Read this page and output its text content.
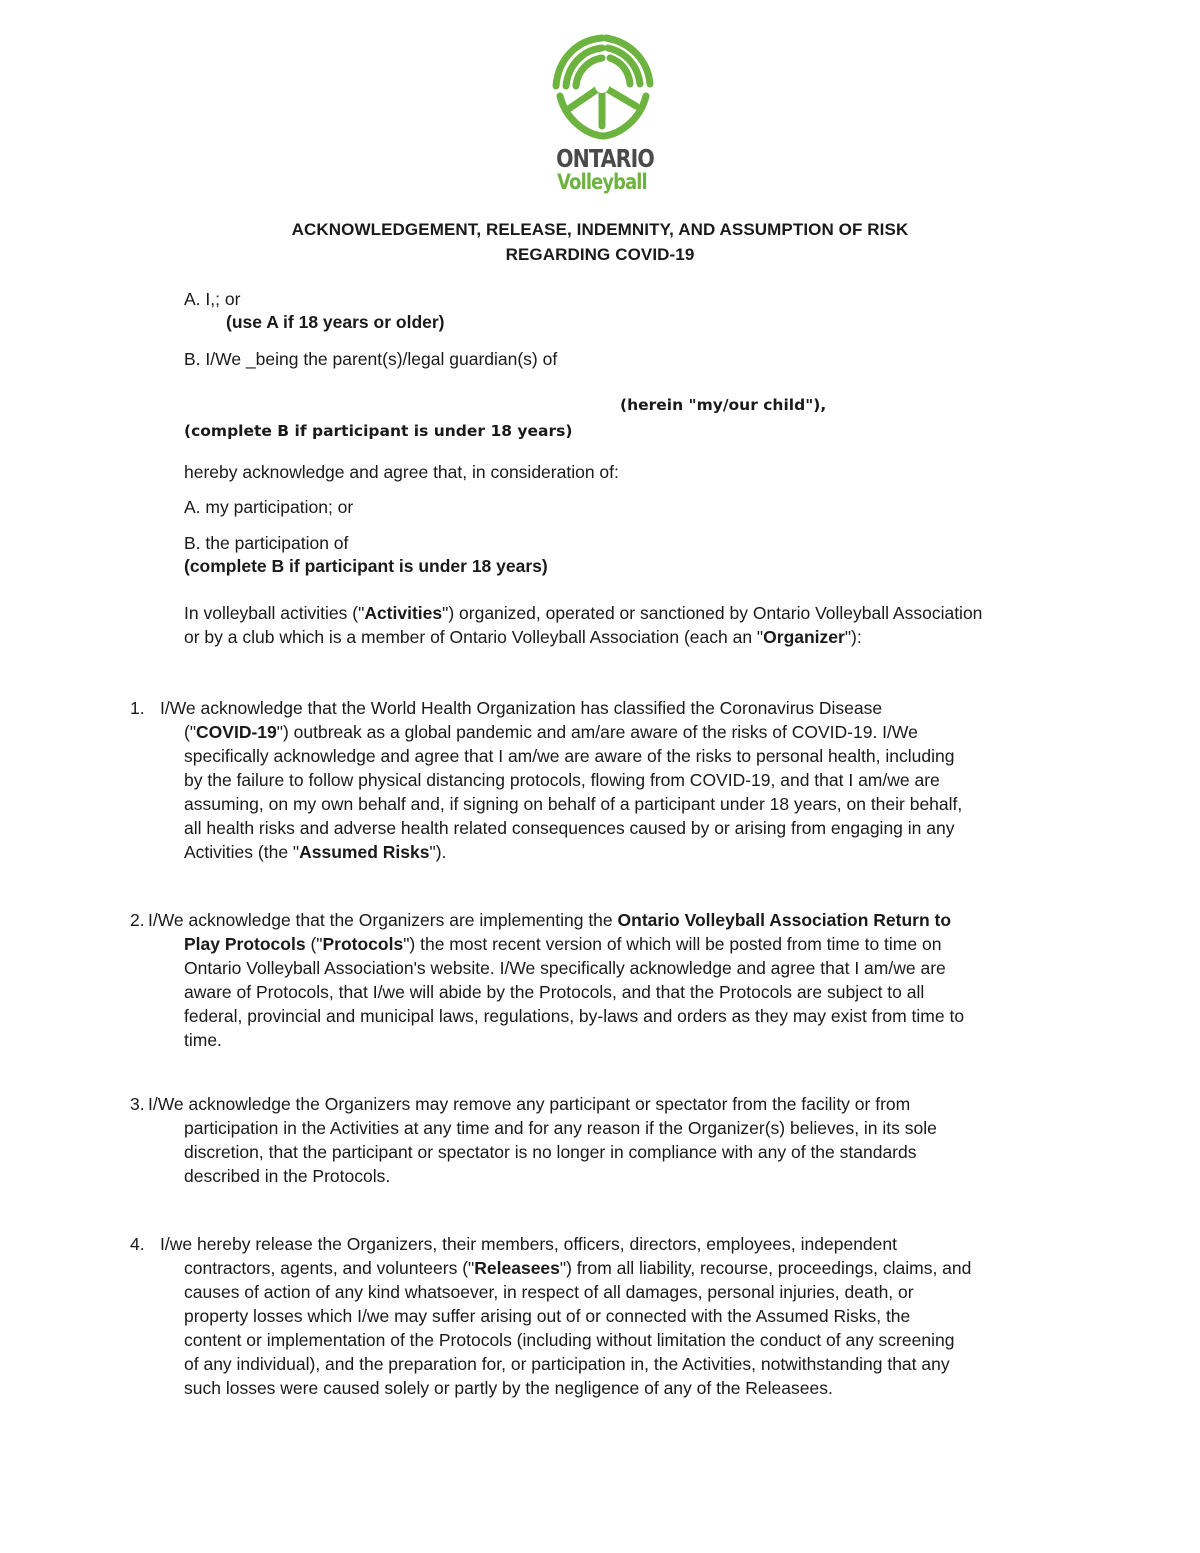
ONTARIO
Volleyball
ACKNOWLEDGEMENT, RELEASE, INDEMNITY, AND ASSUMPTION OF RISK
REGARDING COVID-19
A. I,; or
(use A if 18 years or older)
B. I/We _being the parent(s)/legal guardian(s) of
(herein "my/our child"),
(complete B if participant is under 18 years)
hereby acknowledge and agree that, in consideration of:
A. my participation; or
B. the participation of
(complete B if participant is under 18 years)
In volleyball activities ("Activities") organized, operated or sanctioned by Ontario Volleyball Association
or by a club which is a member of Ontario Volleyball Association (each an "Organizer"):
1. I/We acknowledge that the World Health Organization has classified the Coronavirus Disease
("COVID-19") outbreak as a global pandemic and am/are aware of the risks of COVID-19. I/We
specifically acknowledge and agree that I am/we are aware of the risks to personal health, including
by the failure to follow physical distancing protocols, flowing from COVID-19, and that I am/we are
assuming, on my own behalf and, if signing on behalf of a participant under 18 years, on their behalf,
all health risks and adverse health related consequences caused by or arising from engaging in any
Activities (the "Assumed Risks").
2. I/We acknowledge that the Organizers are implementing the Ontario Volleyball Association Return to
Play Protocols ("Protocols") the most recent version of which will be posted from time to time on
Ontario Volleyball Association's website. I/We specifically acknowledge and agree that I am/we are
aware of Protocols, that I/we will abide by the Protocols, and that the Protocols are subject to all
federal, provincial and municipal laws, regulations, by-laws and orders as they may exist from time to
time.
3. I/We acknowledge the Organizers may remove any participant or spectator from the facility or from
participation in the Activities at any time and for any reason if the Organizer(s) believes, in its sole
discretion, that the participant or spectator is no longer in compliance with any of the standards
described in the Protocols.
4. I/we hereby release the Organizers, their members, officers, directors, employees, independent
contractors, agents, and volunteers ("Releasees") from all liability, recourse, proceedings, claims, and
causes of action of any kind whatsoever, in respect of all damages, personal injuries, death, or
property losses which I/we may suffer arising out of or connected with the Assumed Risks, the
content or implementation of the Protocols (including without limitation the conduct of any screening
of any individual), and the preparation for, or participation in, the Activities, notwithstanding that any
such losses were caused solely or partly by the negligence of any of the Releasees.
